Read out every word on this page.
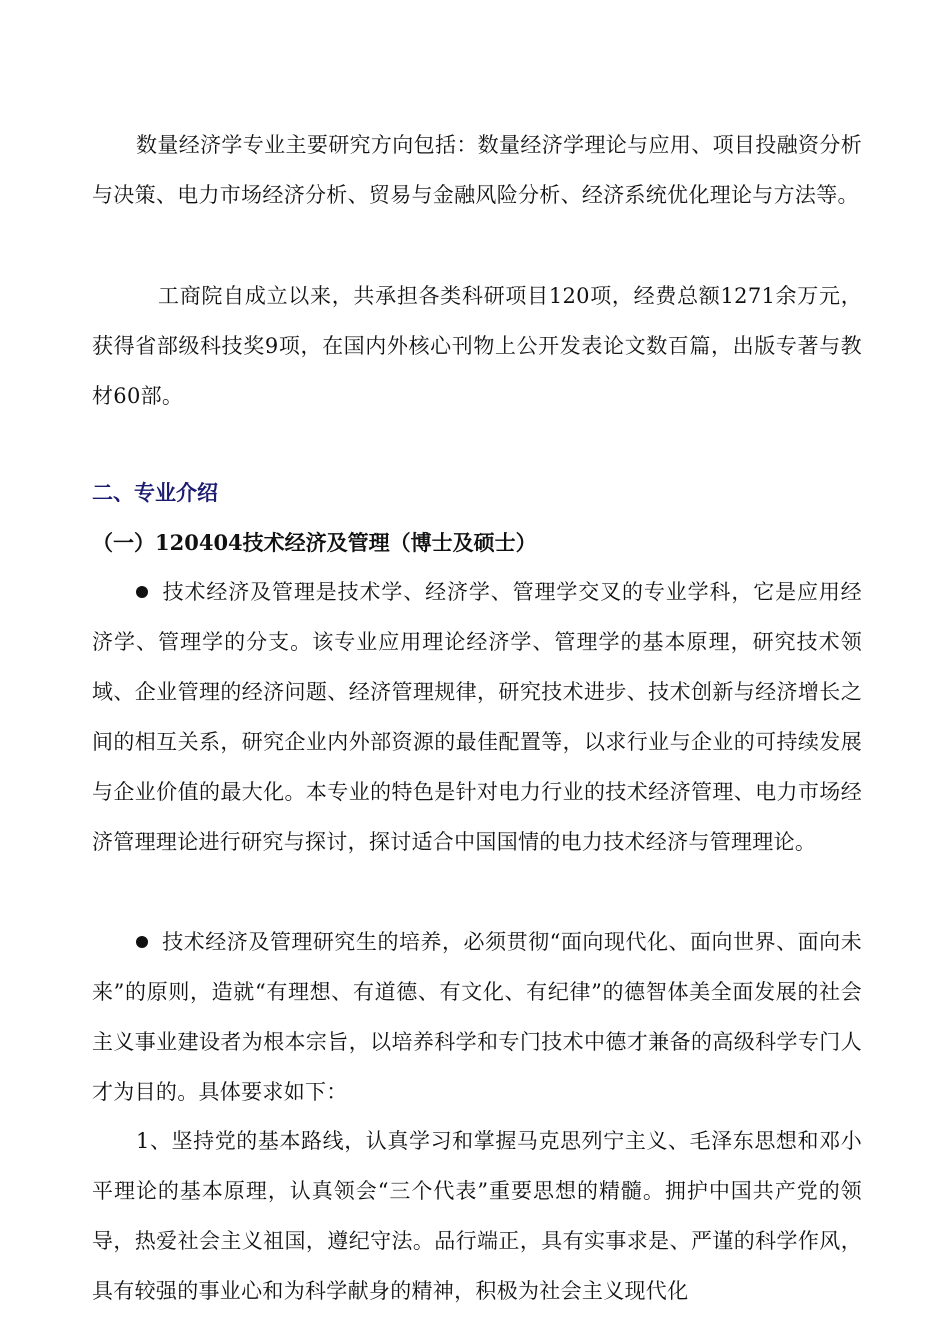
数量经济学专业主要研究方向包括：数量经济学理论与应用、项目投融资分析与决策、电力市场经济分析、贸易与金融风险分析、经济系统优化理论与方法等。

工商院自成立以来，共承担各类科研项目120项，经费总额1271余万元，获得省部级科技奖9项，在国内外核心刊物上公开发表论文数百篇，出版专著与教材60部。

二、专业介绍
（一）120404技术经济及管理（博士及硕士）

技术经济及管理是技术学、经济学、管理学交叉的专业学科，它是应用经济学、管理学的分支。该专业应用理论经济学、管理学的基本原理，研究技术领域、企业管理的经济问题、经济管理规律，研究技术进步、技术创新与经济增长之间的相互关系，研究企业内外部资源的最佳配置等，以求行业与企业的可持续发展与企业价值的最大化。本专业的特色是针对电力行业的技术经济管理、电力市场经济管理理论进行研究与探讨，探讨适合中国国情的电力技术经济与管理理论。

技术经济及管理研究生的培养，必须贯彻“面向现代化、面向世界、面向未来”的原则，造就“有理想、有道德、有文化、有纪律”的德智体美全面发展的社会主义事业建设者为根本宗旨，以培养科学和专门技术中德才兼备的高级科学专门人才为目的。具体要求如下：

1、坚持党的基本路线，认真学习和掌握马克思列宁主义、毛泽东思想和邓小平理论的基本原理，认真领会“三个代表”重要思想的精髓。拥护中国共产党的领导，热爱社会主义祖国，遵纪守法。品行端正，具有实事求是、严谨的科学作风，具有较强的事业心和为科学献身的精神，积极为社会主义现代化
